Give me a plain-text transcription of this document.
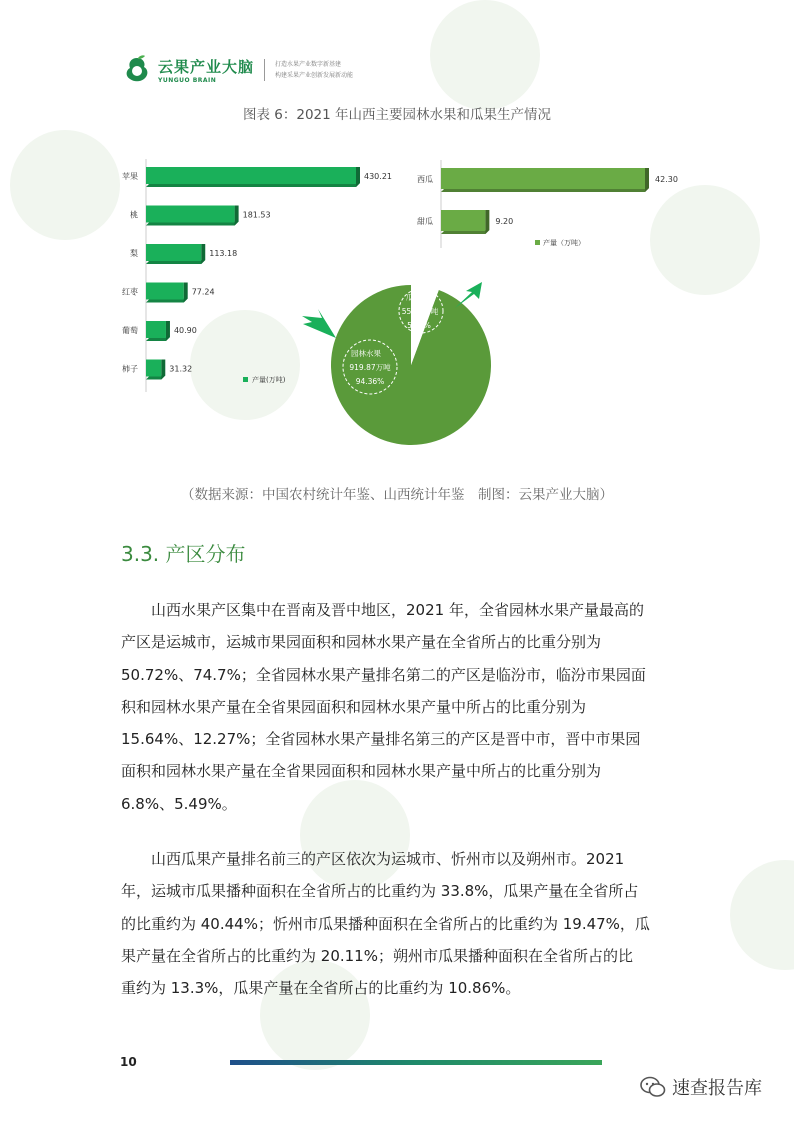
云果产业大脑
YUNGUO BRAIN
打造水果产业数字新基建
构建采果产业创新发展新动能
图表 6：2021 年山西主要园林水果和瓜果生产情况
苹果	430.21
桃	181.53
梨	113.18
红枣	77.24
葡萄	40.90
柿子	31.32
产量(万吨)
西瓜	42.30
甜瓜	9.20
产量（万吨）
园林水果
919.87万吨
94.36%
瓜果类
55.00万吨
5.64%
（数据来源：中国农村统计年鉴、山西统计年鉴　制图：云果产业大脑）
3.3. 产区分布
　　山西水果产区集中在晋南及晋中地区，2021 年，全省园林水果产量最高的
产区是运城市，运城市果园面积和园林水果产量在全省所占的比重分别为
50.72%、74.7%；全省园林水果产量排名第二的产区是临汾市，临汾市果园面
积和园林水果产量在全省果园面积和园林水果产量中所占的比重分别为
15.64%、12.27%；全省园林水果产量排名第三的产区是晋中市，晋中市果园
面积和园林水果产量在全省果园面积和园林水果产量中所占的比重分别为
6.8%、5.49%。
　　山西瓜果产量排名前三的产区依次为运城市、忻州市以及朔州市。2021
年，运城市瓜果播种面积在全省所占的比重约为 33.8%，瓜果产量在全省所占
的比重约为 40.44%；忻州市瓜果播种面积在全省所占的比重约为 19.47%，瓜
果产量在全省所占的比重约为 20.11%；朔州市瓜果播种面积在全省所占的比
重约为 13.3%，瓜果产量在全省所占的比重约为 10.86%。
10
速查报告库
